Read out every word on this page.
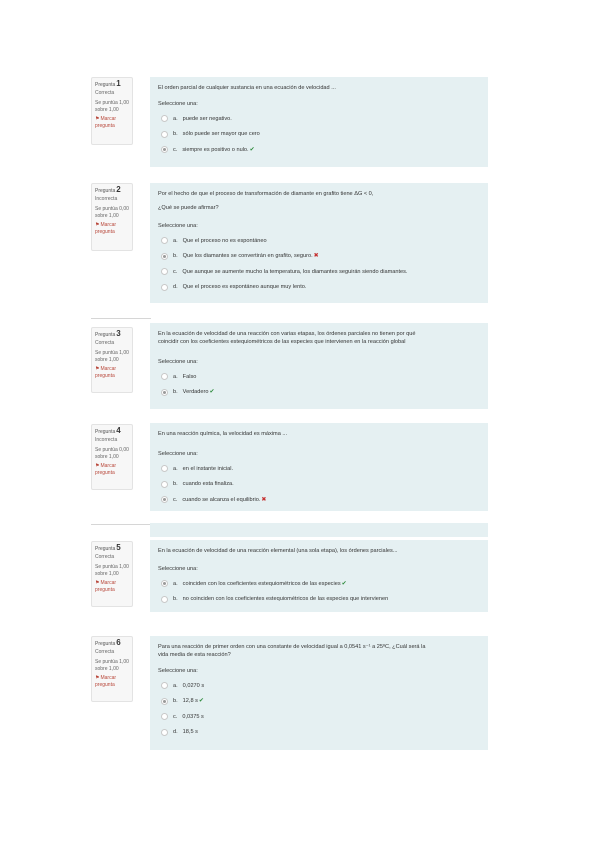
Pregunta1
Correcta
Se puntúa 1,00 sobre 1,00
⚑Marcar pregunta
El orden parcial de cualquier sustancia en una ecuación de velocidad ...
Seleccione una:
a. puede ser negativo.
b. sólo puede ser mayor que cero
c. siempre es positivo o nulo. ✔
Pregunta2
Incorrecta
Se puntúa 0,00 sobre 1,00
⚑Marcar pregunta
Por el hecho de que el proceso de transformación de diamante en grafito tiene ΔG < 0,
¿Qué se puede afirmar?
Seleccione una:
a. Que el proceso no es espontáneo
b. Que los diamantes se convertirán en grafito, seguro. ✖
c. Que aunque se aumente mucho la temperatura, los diamantes seguirán siendo diamantes.
d. Que el proceso es espontáneo aunque muy lento.
Pregunta3
Correcta
Se puntúa 1,00 sobre 1,00
⚑Marcar pregunta
En la ecuación de velocidad de una reacción con varias etapas, los órdenes parciales no tienen por qué
coincidir con los coeficientes estequiométricos de las especies que intervienen en la reacción global
Seleccione una:
a. Falso
b. Verdadero ✔
Pregunta4
Incorrecta
Se puntúa 0,00 sobre 1,00
⚑Marcar pregunta
En una reacción química, la velocidad es máxima ...
Seleccione una:
a. en el instante inicial.
b. cuando esta finaliza.
c. cuando se alcanza el equilibrio. ✖
Pregunta5
Correcta
Se puntúa 1,00 sobre 1,00
⚑Marcar pregunta
En la ecuación de velocidad de una reacción elemental (una sola etapa), los órdenes parciales...
Seleccione una:
a. coinciden con los coeficientes estequiométricos de las especies ✔
b. no coinciden con los coeficientes estequiométricos de las especies que intervienen
Pregunta6
Correcta
Se puntúa 1,00 sobre 1,00
⚑Marcar pregunta
Para una reacción de primer orden con una constante de velocidad igual a 0,0541 s⁻¹ a 25ºC, ¿Cuál será la
vida media de esta reacción?
Seleccione una:
a. 0,0270 s
b. 12,8 s ✔
c. 0,0375 s
d. 18,5 s
